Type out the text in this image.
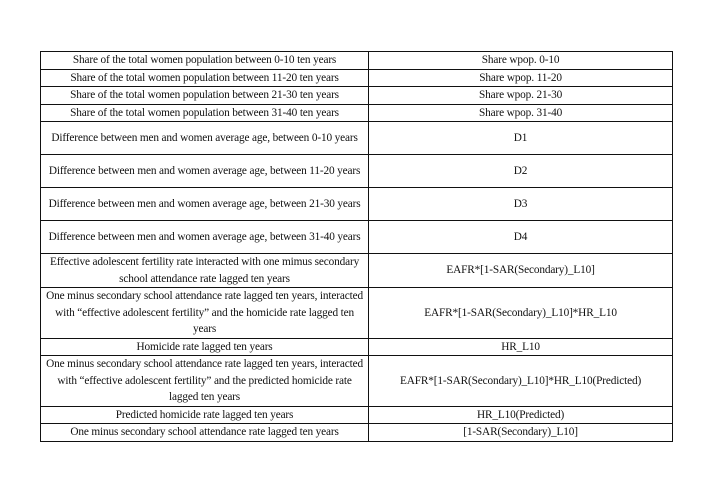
Share of the total women population between 0-10 ten years	Share wpop. 0-10
Share of the total women population between 11-20 ten years	Share wpop. 11-20
Share of the total women population between 21-30 ten years	Share wpop. 21-30
Share of the total women population between 31-40 ten years	Share wpop. 31-40
Difference between men and women average age, between 0-10 years	D1
Difference between men and women average age, between 11-20 years	D2
Difference between men and women average age, between 21-30 years	D3
Difference between men and women average age, between 31-40 years	D4
Effective adolescent fertility rate interacted with one mimus secondary school attendance rate lagged ten years	EAFR*[1-SAR(Secondary)_L10]
One minus secondary school attendance rate lagged ten years, interacted with “effective adolescent fertility” and the homicide rate lagged ten years	EAFR*[1-SAR(Secondary)_L10]*HR_L10
Homicide rate lagged ten years	HR_L10
One minus secondary school attendance rate lagged ten years, interacted with “effective adolescent fertility” and the predicted homicide rate lagged ten years	EAFR*[1-SAR(Secondary)_L10]*HR_L10(Predicted)
Predicted homicide rate lagged ten years	HR_L10(Predicted)
One minus secondary school attendance rate lagged ten years	[1-SAR(Secondary)_L10]
